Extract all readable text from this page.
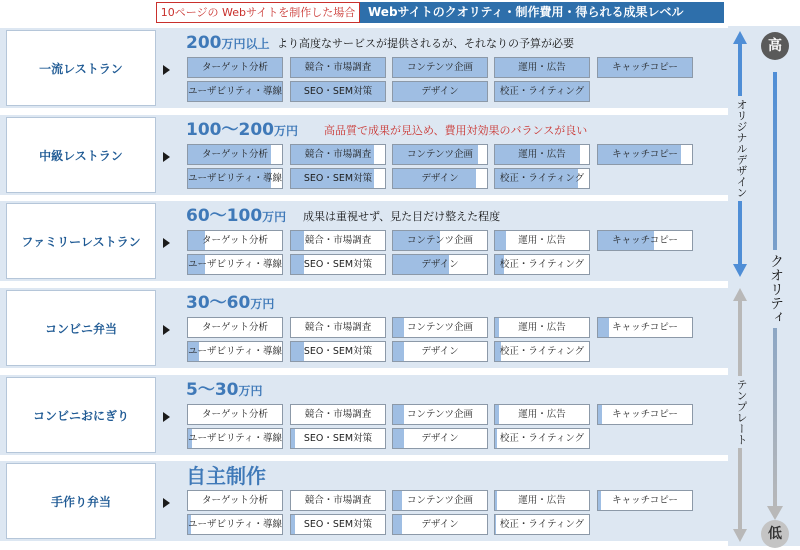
10ページの Webサイトを制作した場合	Webサイトのクオリティ・制作費用・得られる成果レベル
一流レストラン
200万円以上 より高度なサービスが提供されるが、それなりの予算が必要
ターゲット分析	競合・市場調査	コンテンツ企画	運用・広告	キャッチコピー
ユーザビリティ・導線	SEO・SEM対策	デザイン	校正・ライティング
中級レストラン
100～200万円 高品質で成果が見込め、費用対効果のバランスが良い
ターゲット分析	競合・市場調査	コンテンツ企画	運用・広告	キャッチコピー
ユーザビリティ・導線	SEO・SEM対策	デザイン	校正・ライティング
ファミリーレストラン
60～100万円 成果は重視せず、見た目だけ整えた程度
ターゲット分析	競合・市場調査	コンテンツ企画	運用・広告	キャッチコピー
ユーザビリティ・導線	SEO・SEM対策	デザイン	校正・ライティング
コンビニ弁当
30～60万円
ターゲット分析	競合・市場調査	コンテンツ企画	運用・広告	キャッチコピー
ユーザビリティ・導線	SEO・SEM対策	デザイン	校正・ライティング
コンビニおにぎり
5～30万円
ターゲット分析	競合・市場調査	コンテンツ企画	運用・広告	キャッチコピー
ユーザビリティ・導線	SEO・SEM対策	デザイン	校正・ライティング
手作り弁当
自主制作
ターゲット分析	競合・市場調査	コンテンツ企画	運用・広告	キャッチコピー
ユーザビリティ・導線	SEO・SEM対策	デザイン	校正・ライティング
オリジナルデザイン
テンプレート
高
クオリティ
低
